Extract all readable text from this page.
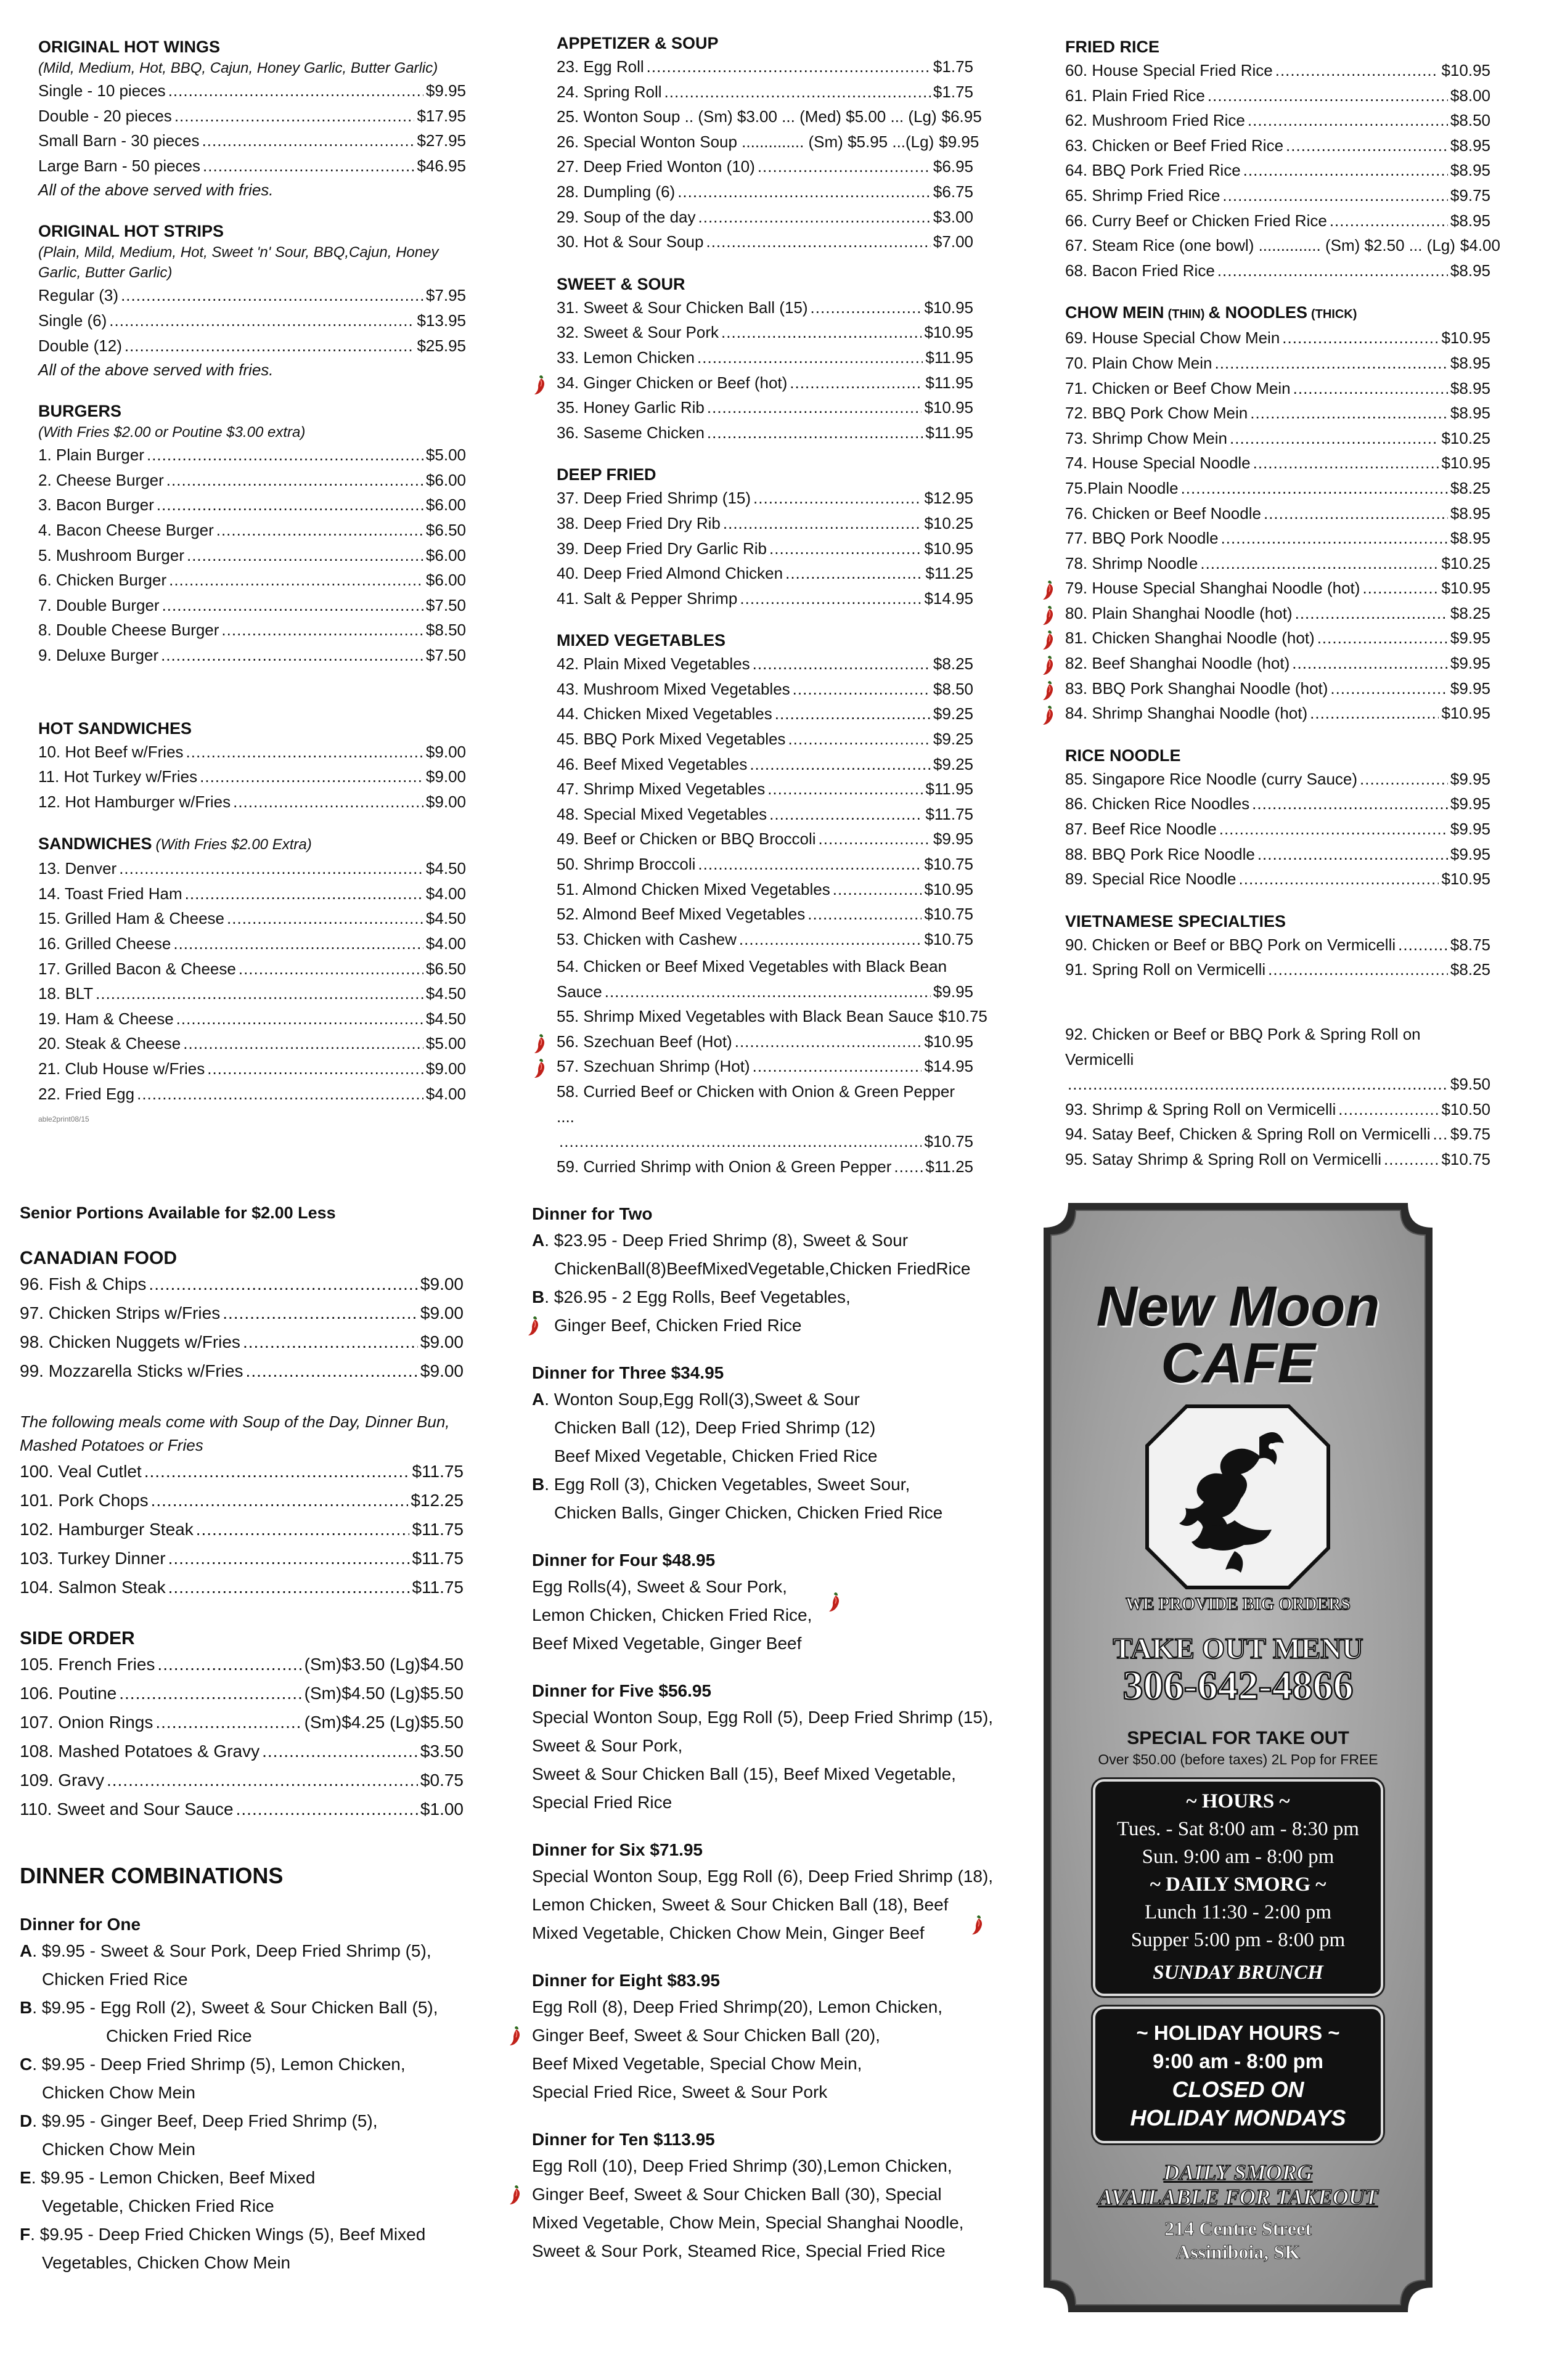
ORIGINAL HOT WINGS
(Mild, Medium, Hot, BBQ, Cajun, Honey Garlic, Butter Garlic)
Single - 10 pieces .....	$9.95
Double - 20 pieces .....	$17.95
Small Barn - 30 pieces .....	$27.95
Large Barn - 50 pieces .....	$46.95
All of the above served with fries.
ORIGINAL HOT STRIPS
(Plain, Mild, Medium, Hot, Sweet 'n' Sour, BBQ,Cajun, Honey Garlic, Butter Garlic)
Regular (3) .....	$7.95
Single (6) .....	$13.95
Double (12) .....	$25.95
All of the above served with fries.
BURGERS
(With Fries $2.00 or Poutine $3.00 extra)
1. Plain Burger .....	$5.00
2. Cheese Burger .....	$6.00
3. Bacon Burger .....	$6.00
4. Bacon Cheese Burger .....	$6.50
5. Mushroom Burger .....	$6.00
6. Chicken Burger .....	$6.00
7. Double Burger .....	$7.50
8. Double Cheese Burger .....	$8.50
9. Deluxe Burger .....	$7.50
HOT SANDWICHES
10. Hot Beef w/Fries .....	$9.00
11. Hot Turkey w/Fries .....	$9.00
12. Hot Hamburger w/Fries .....	$9.00
SANDWICHES (With Fries $2.00 Extra)
13. Denver .....	$4.50
14. Toast Fried Ham .....	$4.00
15. Grilled Ham & Cheese .....	$4.50
16. Grilled Cheese .....	$4.00
17. Grilled Bacon & Cheese .....	$6.50
18. BLT .....	$4.50
19. Ham & Cheese .....	$4.50
20. Steak & Cheese .....	$5.00
21. Club House w/Fries .....	$9.00
22. Fried Egg .....	$4.00
able2print08/15
APPETIZER & SOUP
23. Egg Roll .....	$1.75
24. Spring Roll .....	$1.75
25. Wonton Soup .. (Sm) $3.00 ... (Med) $5.00 ... (Lg) $6.95
26. Special Wonton Soup .............. (Sm) $5.95 ...(Lg) $9.95
27. Deep Fried Wonton (10) .....	$6.95
28. Dumpling (6) .....	$6.75
29. Soup of the day .....	$3.00
30. Hot & Sour Soup .....	$7.00
SWEET & SOUR
31. Sweet & Sour Chicken Ball (15) .....	$10.95
32. Sweet & Sour Pork .....	$10.95
33. Lemon Chicken .....	$11.95
34. Ginger Chicken or Beef (hot) .....	$11.95
35. Honey Garlic Rib .....	$10.95
36. Saseme Chicken .....	$11.95
DEEP FRIED
37. Deep Fried Shrimp (15) .....	$12.95
38. Deep Fried Dry Rib .....	$10.25
39. Deep Fried Dry Garlic Rib .....	$10.95
40. Deep Fried Almond Chicken .....	$11.25
41. Salt & Pepper Shrimp .....	$14.95
MIXED VEGETABLES
42. Plain Mixed Vegetables .....	$8.25
43. Mushroom Mixed Vegetables .....	$8.50
44. Chicken Mixed Vegetables .....	$9.25
45. BBQ Pork Mixed Vegetables .....	$9.25
46. Beef Mixed Vegetables .....	$9.25
47. Shrimp Mixed Vegetables .....	$11.95
48. Special Mixed Vegetables .....	$11.75
49. Beef or Chicken or BBQ Broccoli .....	$9.95
50. Shrimp Broccoli .....	$10.75
51. Almond Chicken Mixed Vegetables .....	$10.95
52. Almond Beef Mixed Vegetables .....	$10.75
53. Chicken with Cashew .....	$10.75
FRIED RICE
60. House Special Fried Rice .....	$10.95
61. Plain Fried Rice .....	$8.00
62. Mushroom Fried Rice .....	$8.50
63. Chicken or Beef Fried Rice .....	$8.95
64. BBQ Pork Fried Rice .....	$8.95
65. Shrimp Fried Rice .....	$9.75
66. Curry Beef or Chicken Fried Rice .....	$8.95
67. Steam Rice (one bowl) .............. (Sm) $2.50 ... (Lg) $4.00
68. Bacon Fried Rice .....	$8.95
CHOW MEIN (THIN) & NOODLES (THICK)
69. House Special Chow Mein .....	$10.95
70. Plain Chow Mein .....	$8.95
71. Chicken or Beef Chow Mein .....	$8.95
72. BBQ Pork Chow Mein .....	$8.95
73. Shrimp Chow Mein .....	$10.25
74. House Special Noodle .....	$10.95
75.Plain Noodle .....	$8.25
76. Chicken or Beef Noodle .....	$8.95
77. BBQ Pork Noodle .....	$8.95
78. Shrimp Noodle .....	$10.25
79. House Special Shanghai Noodle (hot) .....	$10.95
80. Plain Shanghai Noodle (hot) .....	$8.25
81. Chicken Shanghai Noodle (hot) .....	$9.95
82. Beef Shanghai Noodle (hot) .....	$9.95
83. BBQ Pork Shanghai Noodle (hot) .....	$9.95
84. Shrimp Shanghai Noodle (hot) .....	$10.95
RICE NOODLE
85. Singapore Rice Noodle (curry Sauce) .....	$9.95
86. Chicken Rice Noodles .....	$9.95
87. Beef Rice Noodle .....	$9.95
88. BBQ Pork Rice Noodle .....	$9.95
89. Special Rice Noodle .....	$10.95
VIETNAMESE SPECIALTIES
90. Chicken or Beef or BBQ Pork on Vermicelli .....	$8.75
91. Spring Roll on Vermicelli .....	$8.25
54. Chicken or Beef Mixed Vegetables with Black Bean
Sauce .....	$9.95
55. Shrimp Mixed Vegetables with Black Bean Sauce $10.75
56. Szechuan Beef (Hot) .....	$10.95
57. Szechuan Shrimp (Hot) .....	$14.95
58. Curried Beef or Chicken with Onion & Green Pepper ....
.....
$10.75
59. Curried Shrimp with Onion & Green Pepper ..... $11.25
92. Chicken or Beef or BBQ Pork & Spring Roll on Vermicelli
.....
$9.50
93. Shrimp & Spring Roll on Vermicelli .....	$10.50
94. Satay Beef, Chicken & Spring Roll on Vermicelli ..... $9.75
95. Satay Shrimp & Spring Roll on Vermicelli .....	$10.75
Senior Portions Available for $2.00 Less
CANADIAN FOOD
96. Fish & Chips .....	$9.00
97. Chicken Strips w/Fries .....	$9.00
98. Chicken Nuggets w/Fries .....	$9.00
99. Mozzarella Sticks w/Fries .....	$9.00
The following meals come with Soup of the Day, Dinner Bun,
Mashed Potatoes or Fries
100. Veal Cutlet .....	$11.75
101. Pork Chops .....	$12.25
102. Hamburger Steak .....	$11.75
103. Turkey Dinner .....	$11.75
104. Salmon Steak .....	$11.75
SIDE ORDER
105. French Fries .....	(Sm)$3.50 (Lg)$4.50
106. Poutine .....	(Sm)$4.50 (Lg)$5.50
107. Onion Rings .....	(Sm)$4.25 (Lg)$5.50
108. Mashed Potatoes & Gravy .....	$3.50
109. Gravy .....	$0.75
110. Sweet and Sour Sauce .....	$1.00
DINNER COMBINATIONS
Dinner for One
A. $9.95 - Sweet & Sour Pork, Deep Fried Shrimp (5),
Chicken Fried Rice
B. $9.95 - Egg Roll (2), Sweet & Sour Chicken Ball (5),
Chicken Fried Rice
C. $9.95 - Deep Fried Shrimp (5), Lemon Chicken,
Chicken Chow Mein
D. $9.95 - Ginger Beef, Deep Fried Shrimp (5),
Chicken Chow Mein
E. $9.95 - Lemon Chicken, Beef Mixed
Vegetable, Chicken Fried Rice
F. $9.95 - Deep Fried Chicken Wings (5), Beef Mixed
Vegetables, Chicken Chow Mein
Dinner for Two
A. $23.95 - Deep Fried Shrimp (8), Sweet & Sour
ChickenBall(8)BeefMixedVegetable,Chicken FriedRice
B. $26.95 - 2 Egg Rolls, Beef Vegetables,
Ginger Beef, Chicken Fried Rice
Dinner for Three $34.95
A. Wonton Soup,Egg Roll(3),Sweet & Sour
Chicken Ball (12), Deep Fried Shrimp (12)
Beef Mixed Vegetable, Chicken Fried Rice
B. Egg Roll (3), Chicken Vegetables, Sweet Sour,
Chicken Balls, Ginger Chicken, Chicken Fried Rice
Dinner for Four $48.95
Egg Rolls(4), Sweet & Sour Pork,
Lemon Chicken, Chicken Fried Rice,
Beef Mixed Vegetable, Ginger Beef
Dinner for Five $56.95
Special Wonton Soup, Egg Roll (5), Deep Fried Shrimp (15),
Sweet & Sour Pork,
Sweet & Sour Chicken Ball (15), Beef Mixed Vegetable,
Special Fried Rice
Dinner for Six $71.95
Special Wonton Soup, Egg Roll (6), Deep Fried Shrimp (18),
Lemon Chicken, Sweet & Sour Chicken Ball (18), Beef
Mixed Vegetable, Chicken Chow Mein, Ginger Beef
Dinner for Eight $83.95
Egg Roll (8), Deep Fried Shrimp(20), Lemon Chicken,
Ginger Beef, Sweet & Sour Chicken Ball (20),
Beef Mixed Vegetable, Special Chow Mein,
Special Fried Rice, Sweet & Sour Pork
Dinner for Ten $113.95
Egg Roll (10), Deep Fried Shrimp (30),Lemon Chicken,
Ginger Beef, Sweet & Sour Chicken Ball (30), Special
Mixed Vegetable, Chow Mein, Special Shanghai Noodle,
Sweet & Sour Pork, Steamed Rice, Special Fried Rice
New Moon
CAFE
WE PROVIDE BIG ORDERS
TAKE OUT MENU
306-642-4866
SPECIAL FOR TAKE OUT
Over $50.00 (before taxes) 2L Pop for FREE
~ HOURS ~
Tues. - Sat 8:00 am - 8:30 pm
Sun. 9:00 am - 8:00 pm
~ DAILY SMORG ~
Lunch 11:30 - 2:00 pm
Supper 5:00 pm - 8:00 pm
SUNDAY BRUNCH
~ HOLIDAY HOURS ~
9:00 am - 8:00 pm
CLOSED ON
HOLIDAY MONDAYS
DAILY SMORG
AVAILABLE FOR TAKEOUT
214 Centre Street
Assiniboia, SK
